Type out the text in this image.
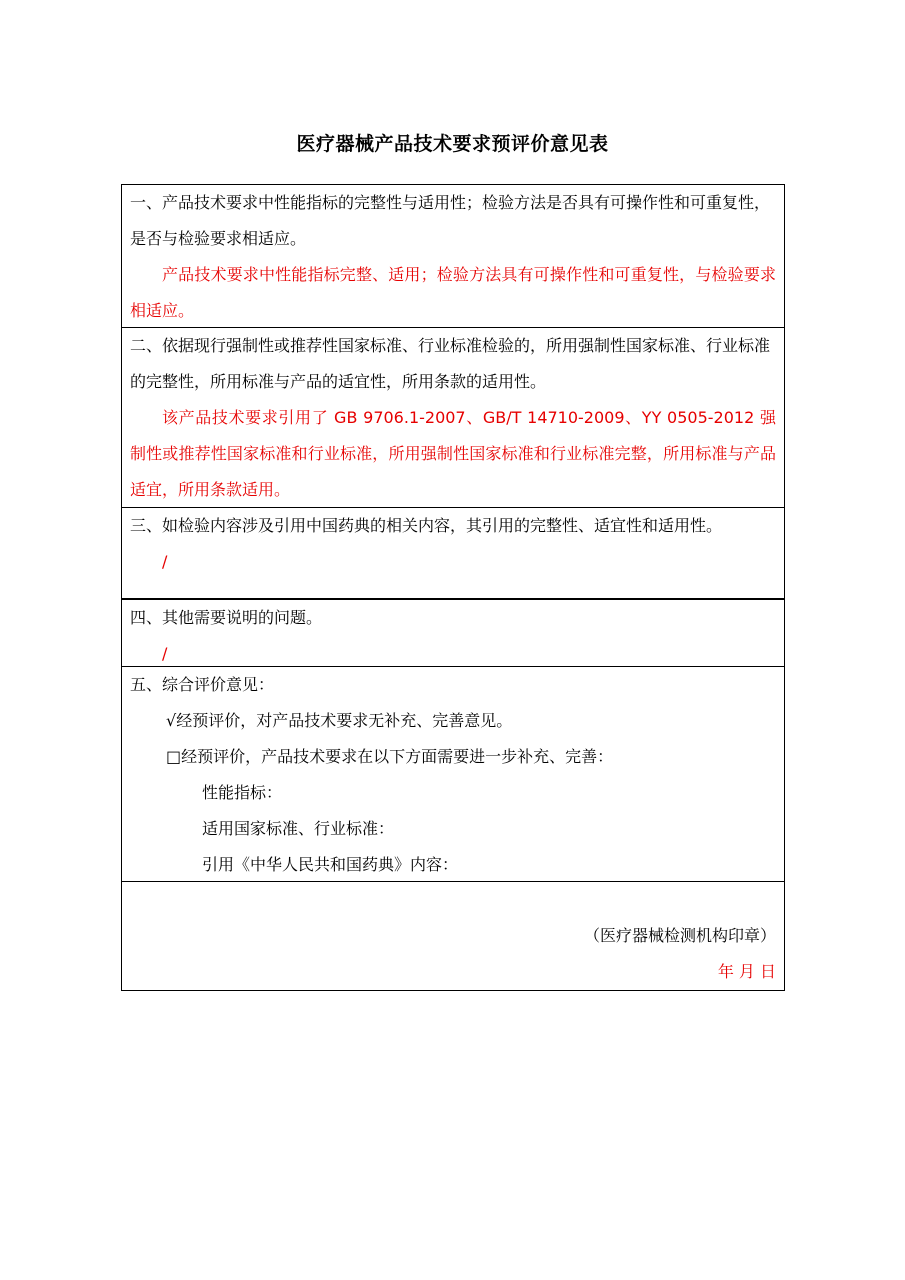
医疗器械产品技术要求预评价意见表
一、产品技术要求中性能指标的完整性与适用性；检验方法是否具有可操作性和可重复性，是否与检验要求相适应。
产品技术要求中性能指标完整、适用；检验方法具有可操作性和可重复性，与检验要求相适应。
二、依据现行强制性或推荐性国家标准、行业标准检验的，所用强制性国家标准、行业标准的完整性，所用标准与产品的适宜性，所用条款的适用性。
该产品技术要求引用了 GB 9706.1-2007、GB/T 14710-2009、YY 0505-2012 强制性或推荐性国家标准和行业标准，所用强制性国家标准和行业标准完整，所用标准与产品适宜，所用条款适用。
三、如检验内容涉及引用中国药典的相关内容，其引用的完整性、适宜性和适用性。
/
四、其他需要说明的问题。
/
五、综合评价意见：
√经预评价，对产品技术要求无补充、完善意见。
□经预评价，产品技术要求在以下方面需要进一步补充、完善：
性能指标：
适用国家标准、行业标准：
引用《中华人民共和国药典》内容：
（医疗器械检测机构印章）
年 月 日
